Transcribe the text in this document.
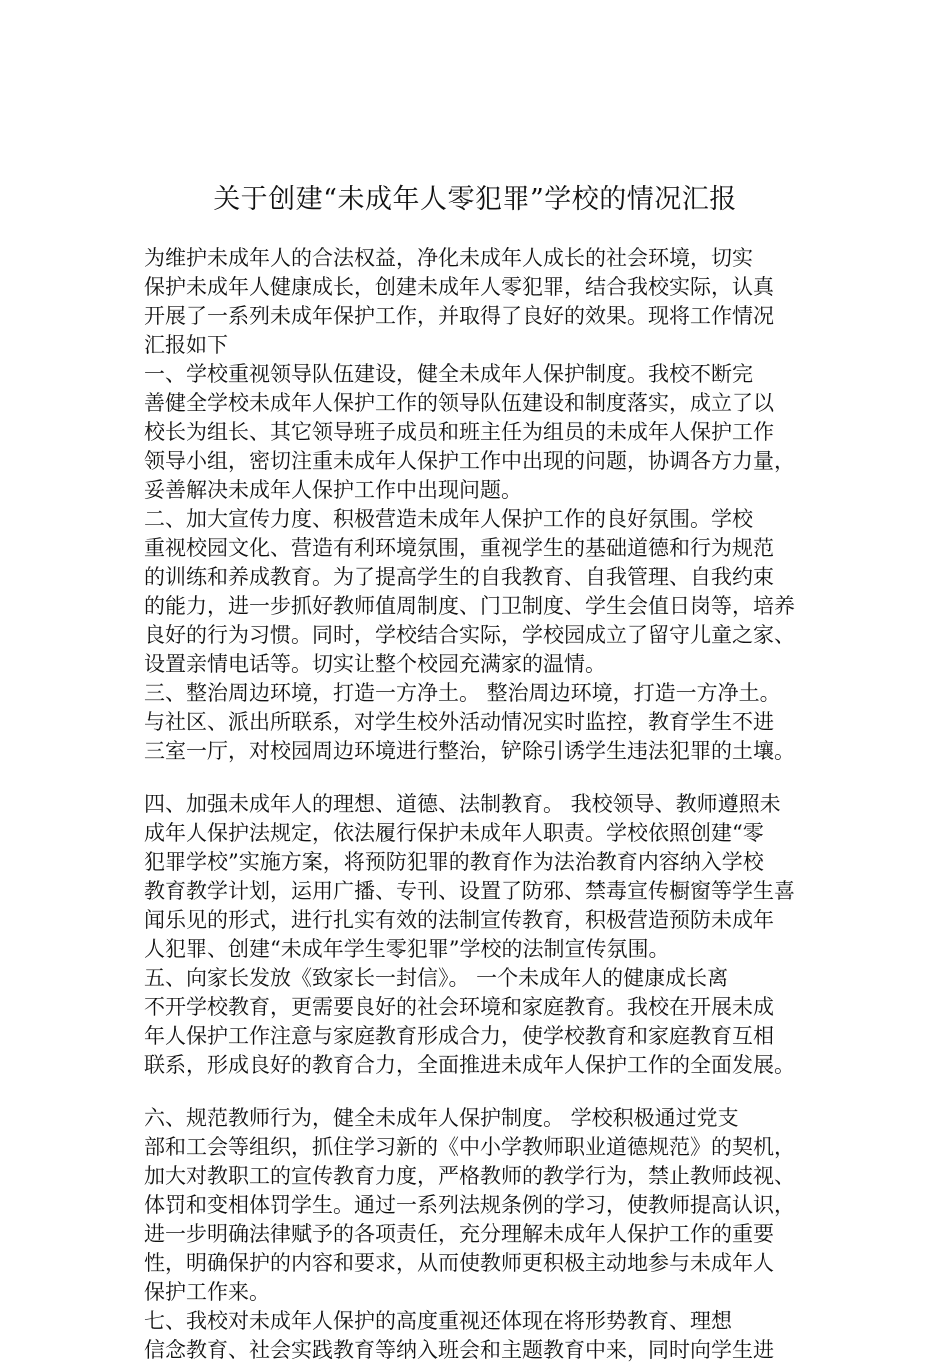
关于创建“未成年人零犯罪”学校的情况汇报
为维护未成年人的合法权益，净化未成年人成长的社会环境，切实
保护未成年人健康成长，创建未成年人零犯罪，结合我校实际，认真
开展了一系列未成年保护工作，并取得了良好的效果。现将工作情况
汇报如下
一、学校重视领导队伍建设，健全未成年人保护制度。我校不断完
善健全学校未成年人保护工作的领导队伍建设和制度落实，成立了以
校长为组长、其它领导班子成员和班主任为组员的未成年人保护工作
领导小组，密切注重未成年人保护工作中出现的问题，协调各方力量，
妥善解决未成年人保护工作中出现问题。
二、加大宣传力度、积极营造未成年人保护工作的良好氛围。学校
重视校园文化、营造有利环境氛围，重视学生的基础道德和行为规范
的训练和养成教育。为了提高学生的自我教育、自我管理、自我约束
的能力，进一步抓好教师值周制度、门卫制度、学生会值日岗等，培养
良好的行为习惯。同时，学校结合实际，学校园成立了留守儿童之家、
设置亲情电话等。切实让整个校园充满家的温情。
三、整治周边环境，打造一方净土。 整治周边环境，打造一方净土。
与社区、派出所联系，对学生校外活动情况实时监控，教育学生不进
三室一厅，对校园周边环境进行整治，铲除引诱学生违法犯罪的土壤。
四、加强未成年人的理想、道德、法制教育。 我校领导、教师遵照未
成年人保护法规定，依法履行保护未成年人职责。学校依照创建“零
犯罪学校”实施方案，将预防犯罪的教育作为法治教育内容纳入学校
教育教学计划，运用广播、专刊、设置了防邪、禁毒宣传橱窗等学生喜
闻乐见的形式，进行扎实有效的法制宣传教育，积极营造预防未成年
人犯罪、创建“未成年学生零犯罪”学校的法制宣传氛围。
五、向家长发放《致家长一封信》。 一个未成年人的健康成长离
不开学校教育，更需要良好的社会环境和家庭教育。我校在开展未成
年人保护工作注意与家庭教育形成合力，使学校教育和家庭教育互相
联系，形成良好的教育合力，全面推进未成年人保护工作的全面发展。
六、规范教师行为，健全未成年人保护制度。 学校积极通过党支
部和工会等组织，抓住学习新的《中小学教师职业道德规范》的契机，
加大对教职工的宣传教育力度，严格教师的教学行为，禁止教师歧视、
体罚和变相体罚学生。通过一系列法规条例的学习，使教师提高认识，
进一步明确法律赋予的各项责任，充分理解未成年人保护工作的重要
性，明确保护的内容和要求，从而使教师更积极主动地参与未成年人
保护工作来。
七、我校对未成年人保护的高度重视还体现在将形势教育、理想
信念教育、社会实践教育等纳入班会和主题教育中来，同时向学生进
